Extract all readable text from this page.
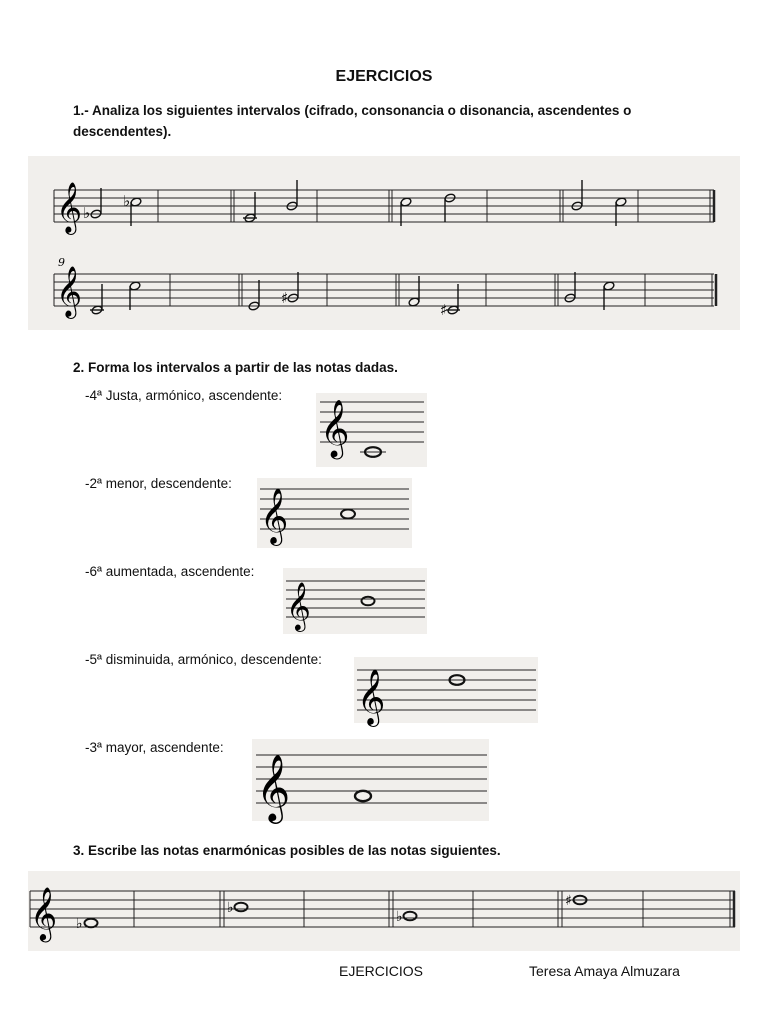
EJERCICIOS
1.- Analiza los siguientes intervalos (cifrado, consonancia o disonancia, ascendentes o descendentes).
𝄞
𝄞
9
♭
♭
♯
♯
2. Forma los intervalos a partir de las notas dadas.
-4ª Justa, armónico, ascendente:
𝄞
-2ª menor, descendente:
𝄞
-6ª aumentada, ascendente:
𝄞
-5ª disminuida, armónico, descendente:
𝄞
-3ª mayor, ascendente:
𝄞
3. Escribe las notas enarmónicas posibles de las notas siguientes.
𝄞 ♭
♭
♭
♯
EJERCICIOS	Teresa Amaya Almuzara
